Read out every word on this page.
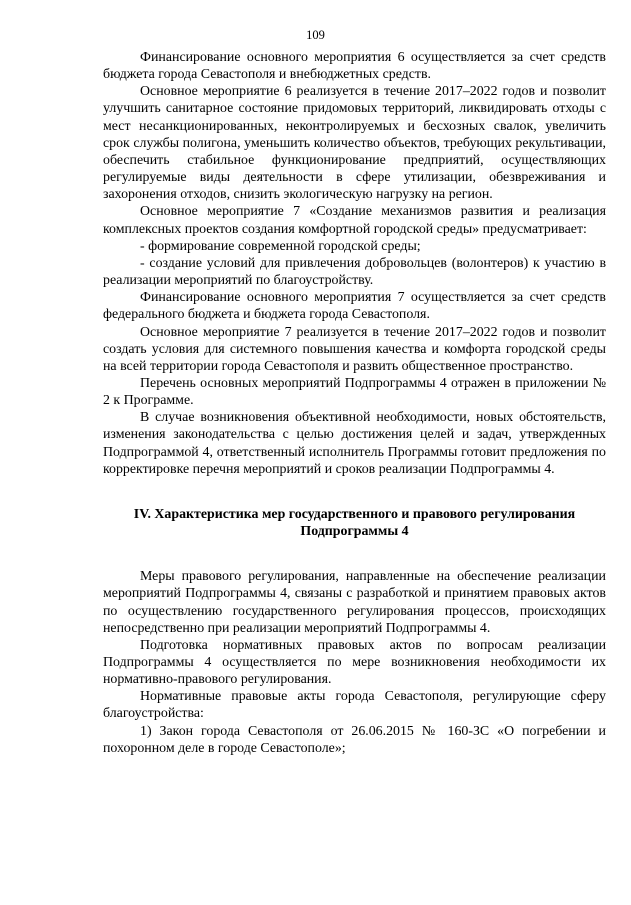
109

Финансирование основного мероприятия 6 осуществляется за счет средств бюджета города Севастополя и внебюджетных средств.

Основное мероприятие 6 реализуется в течение 2017–2022 годов и позволит улучшить санитарное состояние придомовых территорий, ликвидировать отходы с мест несанкционированных, неконтролируемых и бесхозных свалок, увеличить срок службы полигона, уменьшить количество объектов, требующих рекультивации, обеспечить стабильное функционирование предприятий, осуществляющих регулируемые виды деятельности в сфере утилизации, обезвреживания и захоронения отходов, снизить экологическую нагрузку на регион.

Основное мероприятие 7 «Создание механизмов развития и реализация комплексных проектов создания комфортной городской среды» предусматривает:

- формирование современной городской среды;

- создание условий для привлечения добровольцев (волонтеров) к участию в реализации мероприятий по благоустройству.

Финансирование основного мероприятия 7 осуществляется за счет средств федерального бюджета и бюджета города Севастополя.

Основное мероприятие 7 реализуется в течение 2017–2022 годов и позволит создать условия для системного повышения качества и комфорта городской среды на всей территории города Севастополя и развить общественное пространство.

Перечень основных мероприятий Подпрограммы 4 отражен в приложении № 2 к Программе.

В случае возникновения объективной необходимости, новых обстоятельств, изменения законодательства с целью достижения целей и задач, утвержденных Подпрограммой 4, ответственный исполнитель Программы готовит предложения по корректировке перечня мероприятий и сроков реализации Подпрограммы 4.

IV. Характеристика мер государственного и правового регулирования
Подпрограммы 4

Меры правового регулирования, направленные на обеспечение реализации мероприятий Подпрограммы 4, связаны с разработкой и принятием правовых актов по осуществлению государственного регулирования процессов, происходящих непосредственно при реализации мероприятий Подпрограммы 4.

Подготовка нормативных правовых актов по вопросам реализации Подпрограммы 4 осуществляется по мере возникновения необходимости их нормативно-правового регулирования.

Нормативные правовые акты города Севастополя, регулирующие сферу благоустройства:

1) Закон города Севастополя от 26.06.2015 № 160-ЗС «О погребении и похоронном деле в городе Севастополе»;
